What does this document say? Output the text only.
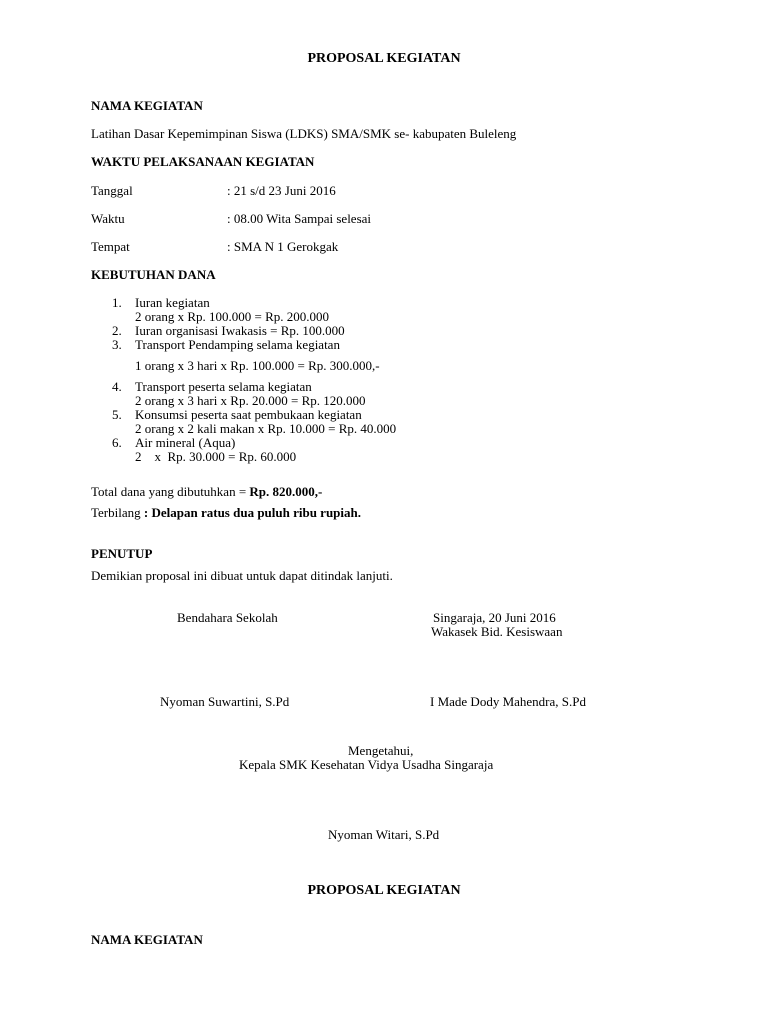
PROPOSAL KEGIATAN
NAMA KEGIATAN
Latihan Dasar Kepemimpinan Siswa (LDKS) SMA/SMK se- kabupaten Buleleng
WAKTU PELAKSANAAN KEGIATAN
Tanggal	: 21 s/d 23 Juni 2016
Waktu	: 08.00 Wita Sampai selesai
Tempat	: SMA N 1 Gerokgak
KEBUTUHAN DANA
1. Iuran kegiatan
2 orang x Rp. 100.000 = Rp. 200.000
2. Iuran organisasi Iwakasis = Rp. 100.000
3. Transport Pendamping selama kegiatan
1 orang x 3 hari x Rp. 100.000 = Rp. 300.000,-
4. Transport peserta selama kegiatan
2 orang x 3 hari x Rp. 20.000 = Rp. 120.000
5. Konsumsi peserta saat pembukaan kegiatan
2 orang x 2 kali makan x Rp. 10.000 = Rp. 40.000
6. Air mineral (Aqua)
2    x  Rp. 30.000 = Rp. 60.000
Total dana yang dibutuhkan = Rp. 820.000,-
Terbilang : Delapan ratus dua puluh ribu rupiah.
PENUTUP
Demikian proposal ini dibuat untuk dapat ditindak lanjuti.
Bendahara Sekolah	Singaraja, 20 Juni 2016
Wakasek Bid. Kesiswaan
Nyoman Suwartini, S.Pd	I Made Dody Mahendra, S.Pd
Mengetahui,
Kepala SMK Kesehatan Vidya Usadha Singaraja
Nyoman Witari, S.Pd
PROPOSAL KEGIATAN
NAMA KEGIATAN
